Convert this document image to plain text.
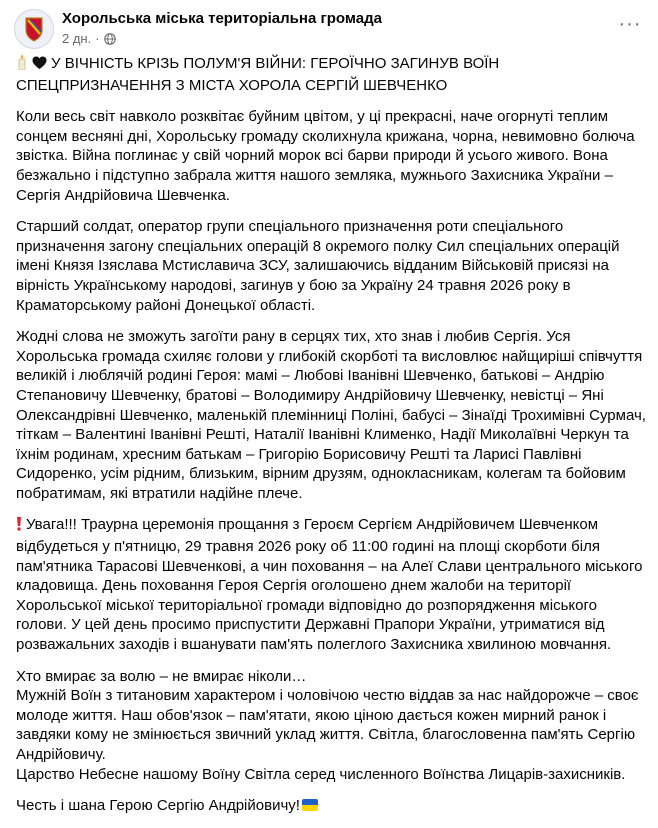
Хорольська міська територіальна громада
2 дн. ·
···

У ВІЧНІСТЬ КРІЗЬ ПОЛУМ'Я ВІЙНИ: ГЕРОЇЧНО ЗАГИНУВ ВОЇН СПЕЦПРИЗНАЧЕННЯ З МІСТА ХОРОЛА СЕРГІЙ ШЕВЧЕНКО

Коли весь світ навколо розквітає буйним цвітом, у ці прекрасні, наче огорнуті теплим сонцем весняні дні, Хорольську громаду сколихнула крижана, чорна, невимовно болюча звістка. Війна поглинає у свій чорний морок всі барви природи й усього живого. Вона безжально і підступно забрала життя нашого земляка, мужнього Захисника України – Сергія Андрійовича Шевченка.

Старший солдат, оператор групи спеціального призначення роти спеціального призначення загону спеціальних операцій 8 окремого полку Сил спеціальних операцій імені Князя Ізяслава Мстиславича ЗСУ, залишаючись відданим Військовій присязі на вірність Українському народові, загинув у бою за Україну 24 травня 2026 року в Краматорському районі Донецької області.

Жодні слова не зможуть загоїти рану в серцях тих, хто знав і любив Сергія. Уся Хорольська громада схиляє голови у глибокій скорботі та висловлює найщиріші співчуття великій і люблячій родині Героя: мамі – Любові Іванівні Шевченко, батькові – Андрію Степановичу Шевченку, братові – Володимиру Андрійовичу Шевченку, невістці – Яні Олександрівні Шевченко, маленькій племінниці Поліні, бабусі – Зінаїді Трохимівні Сурмач, тіткам – Валентині Іванівні Решті, Наталії Іванівні Клименко, Надії Миколаївні Черкун та їхнім родинам, хресним батькам – Григорію Борисовичу Решті та Ларисі Павлівні Сидоренко, усім рідним, близьким, вірним друзям, однокласникам, колегам та бойовим побратимам, які втратили надійне плече.

Увага!!! Траурна церемонія прощання з Героєм Сергієм Андрійовичем Шевченком відбудеться у п'ятницю, 29 травня 2026 року об 11:00 годині на площі скорботи біля пам'ятника Тарасові Шевченкові, а чин поховання – на Алеї Слави центрального міського кладовища. День поховання Героя Сергія оголошено днем жалоби на території Хорольської міської територіальної громади відповідно до розпорядження міського голови. У цей день просимо приспустити Державні Прапори України, утриматися від розважальних заходів і вшанувати пам'ять полеглого Захисника хвилиною мовчання.

Хто вмирає за волю – не вмирає ніколи…
Мужній Воїн з титановим характером і чоловічою честю віддав за нас найдорожче – своє молоде життя. Наш обов'язок – пам'ятати, якою ціною дається кожен мирний ранок і завдяки кому не змінюється звичний уклад життя. Світла, благословенна пам'ять Сергію Андрійовичу.
Царство Небесне нашому Воїну Світла серед численного Воїнства Лицарів-захисників.

Честь і шана Герою Сергію Андрійовичу!
